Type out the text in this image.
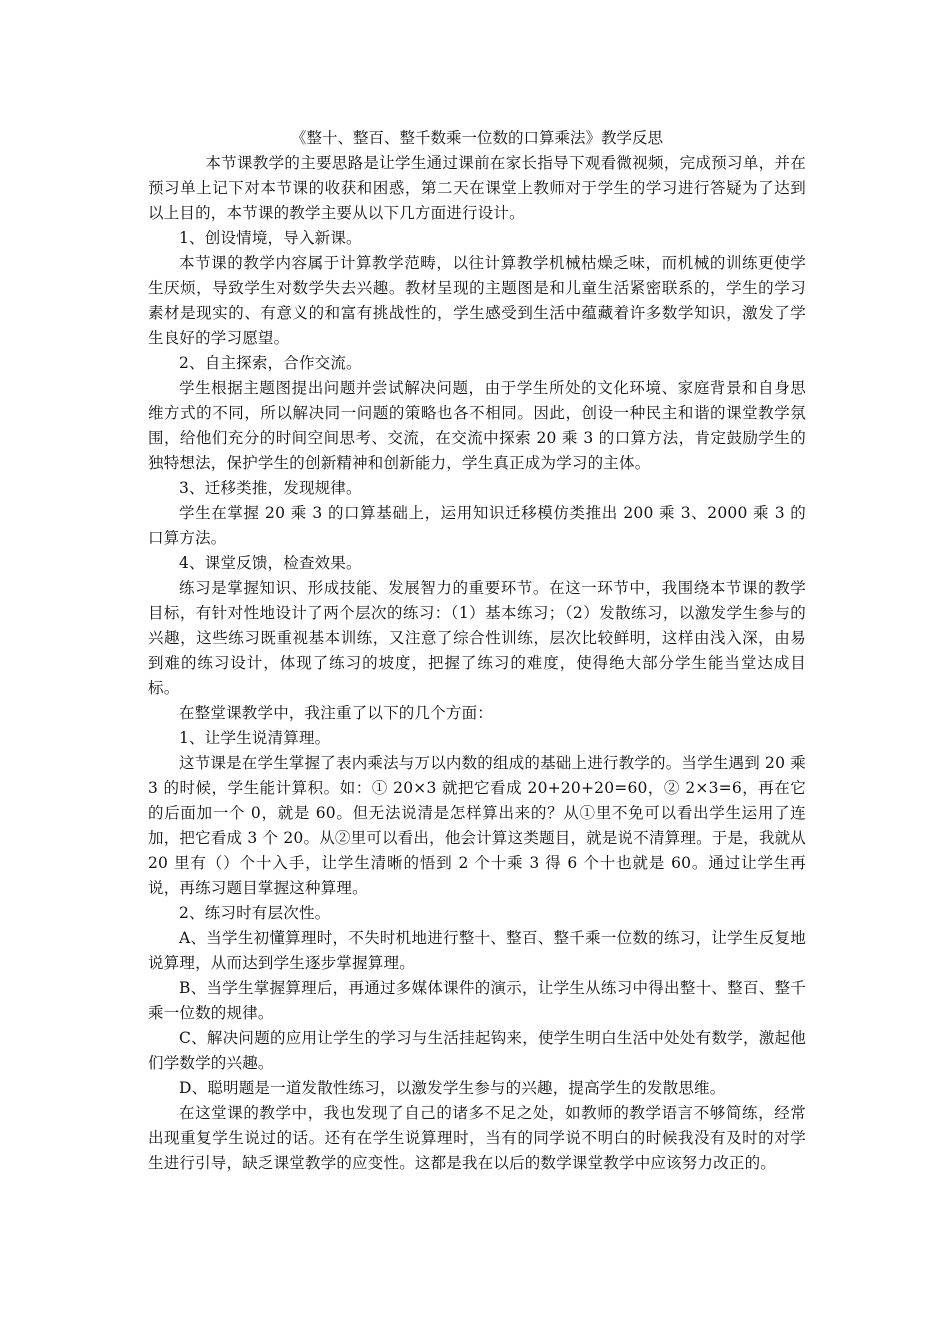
《整十、整百、整千数乘一位数的口算乘法》教学反思

本节课教学的主要思路是让学生通过课前在家长指导下观看微视频，完成预习单，并在预习单上记下对本节课的收获和困惑，第二天在课堂上教师对于学生的学习进行答疑为了达到以上目的，本节课的教学主要从以下几方面进行设计。

1、创设情境，导入新课。

本节课的教学内容属于计算教学范畴，以往计算教学机械枯燥乏味，而机械的训练更使学生厌烦，导致学生对数学失去兴趣。教材呈现的主题图是和儿童生活紧密联系的，学生的学习素材是现实的、有意义的和富有挑战性的，学生感受到生活中蕴藏着许多数学知识，激发了学生良好的学习愿望。

2、自主探索，合作交流。

学生根据主题图提出问题并尝试解决问题，由于学生所处的文化环境、家庭背景和自身思维方式的不同，所以解决同一问题的策略也各不相同。因此，创设一种民主和谐的课堂教学氛围，给他们充分的时间空间思考、交流，在交流中探索 20 乘 3 的口算方法，肯定鼓励学生的独特想法，保护学生的创新精神和创新能力，学生真正成为学习的主体。

3、迁移类推，发现规律。

学生在掌握 20 乘 3 的口算基础上，运用知识迁移模仿类推出 200 乘 3、2000 乘 3 的口算方法。

4、课堂反馈，检查效果。

练习是掌握知识、形成技能、发展智力的重要环节。在这一环节中，我围绕本节课的教学目标，有针对性地设计了两个层次的练习：（1）基本练习；（2）发散练习，以激发学生参与的兴趣，这些练习既重视基本训练，又注意了综合性训练，层次比较鲜明，这样由浅入深，由易到难的练习设计，体现了练习的坡度，把握了练习的难度，使得绝大部分学生能当堂达成目标。

在整堂课教学中，我注重了以下的几个方面：

1、让学生说清算理。

这节课是在学生掌握了表内乘法与万以内数的组成的基础上进行教学的。当学生遇到 20 乘 3 的时候，学生能计算积。如：① 20×3 就把它看成 20+20+20=60，② 2×3=6，再在它的后面加一个 0，就是 60。但无法说清是怎样算出来的？从①里不免可以看出学生运用了连加，把它看成 3 个 20。从②里可以看出，他会计算这类题目，就是说不清算理。于是，我就从 20 里有（）个十入手，让学生清晰的悟到 2 个十乘 3 得 6 个十也就是 60。通过让学生再说，再练习题目掌握这种算理。

2、练习时有层次性。

A、当学生初懂算理时，不失时机地进行整十、整百、整千乘一位数的练习，让学生反复地说算理，从而达到学生逐步掌握算理。

B、当学生掌握算理后，再通过多媒体课件的演示，让学生从练习中得出整十、整百、整千乘一位数的规律。

C、解决问题的应用让学生的学习与生活挂起钩来，使学生明白生活中处处有数学，激起他们学数学的兴趣。

D、聪明题是一道发散性练习，以激发学生参与的兴趣，提高学生的发散思维。

在这堂课的教学中，我也发现了自己的诸多不足之处，如教师的教学语言不够简练，经常出现重复学生说过的话。还有在学生说算理时，当有的同学说不明白的时候我没有及时的对学生进行引导，缺乏课堂教学的应变性。这都是我在以后的数学课堂教学中应该努力改正的。
